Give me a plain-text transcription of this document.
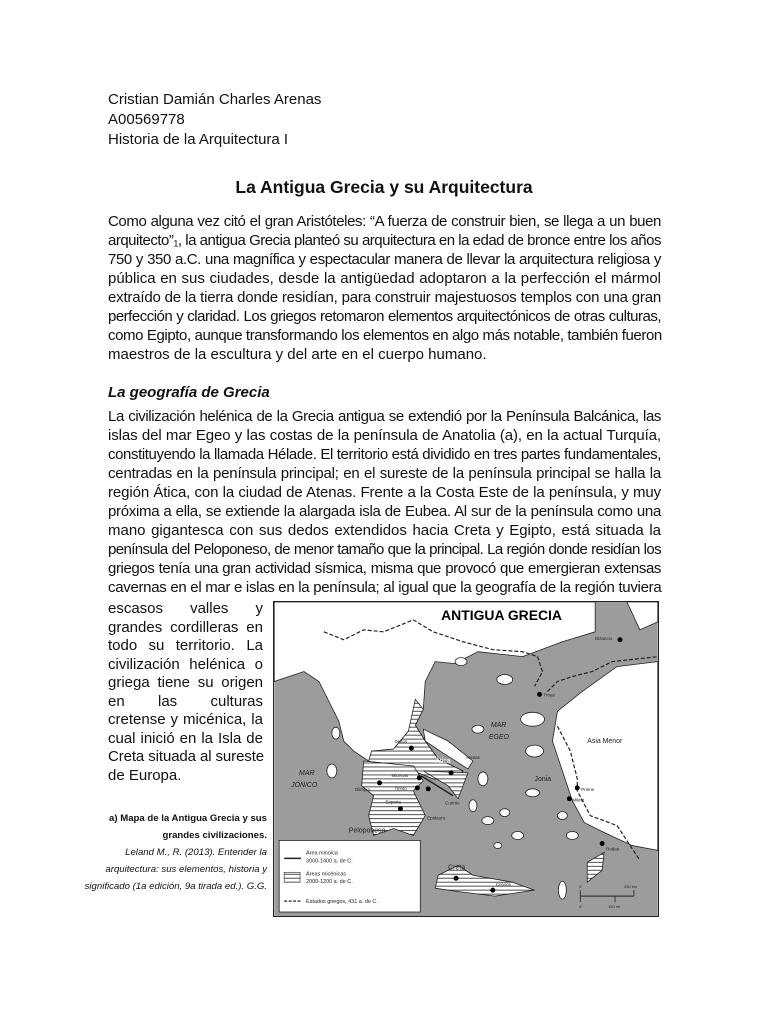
Cristian Damián Charles Arenas
A00569778
Historia de la Arquitectura I
La Antigua Grecia y su Arquitectura
Como alguna vez citó el gran Aristóteles: “A fuerza de construir bien, se llega a un buen
arquitecto”₁, la antigua Grecia planteó su arquitectura en la edad de bronce entre los años
750 y 350 a.C. una magnífica y espectacular manera de llevar la arquitectura religiosa y
pública en sus ciudades, desde la antigüedad adoptaron a la perfección el mármol
extraído de la tierra donde residían, para construir majestuosos templos con una gran
perfección y claridad. Los griegos retomaron elementos arquitectónicos de otras culturas,
como Egipto, aunque transformando los elementos en algo más notable, también fueron
maestros de la escultura y del arte en el cuerpo humano.
La geografía de Grecia
La civilización helénica de la Grecia antigua se extendió por la Península Balcánica, las
islas del mar Egeo y las costas de la península de Anatolia (a), en la actual Turquía,
constituyendo la llamada Hélade. El territorio está dividido en tres partes fundamentales,
centradas en la península principal; en el sureste de la península principal se halla la
región Ática, con la ciudad de Atenas. Frente a la Costa Este de la península, y muy
próxima a ella, se extiende la alargada isla de Eubea. Al sur de la península como una
mano gigantesca con sus dedos extendidos hacia Creta y Egipto, está situada la
península del Peloponeso, de menor tamaño que la principal. La región donde residían los
griegos tenía una gran actividad sísmica, misma que provocó que emergieran extensas
cavernas en el mar e islas en la península; al igual que la geografía de la región tuviera
escasos valles y
grandes cordilleras en
todo su territorio. La
civilización helénica o
griega tiene su origen
en las culturas
cretense y micénica, la
cual inició en la Isla de
Creta situada al sureste
de Europa.
a) Mapa de la Antigua Grecia y sus
grandes civilizaciones.
Leland M., R. (2013). Entender la
arquitectura: sus elementos, historia y
significado (1a edición, 9a tirada ed.). G.G.
ANTIGUA GRECIA
Bizancio
Troya
Delfos
Atenas
Micenas
Tirinto
Olimpia
Corinto
Esparta
Epidauro
Priene
Mileto
Rodas
Cnosos
MAR
EGEO
Asia Menor
Ática
Peloponeso
MAR
JÓNICO
Jonia
Creta
Área minoica
3000-1400 a. de C.
Áreas micénicas
2000-1200 a. de C.
Estados griegos, 431 a. de C.
0	250 km
0	150 mi
